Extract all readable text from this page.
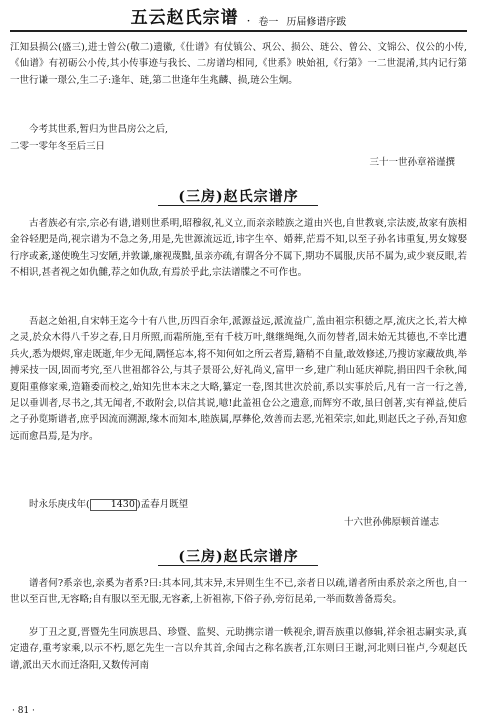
五云赵氏宗谱 · 卷一 历届修谱序跋

江知县损公(盛三),进士曾公(敬二)遗徽,《仕谱》有仗镇公、巩公、损公、琏公、曾公、文锦公、仪公的小传,《仙谱》有初砺公小传,其小传事迹与我长、二房谱均相同,《世系》映始祖,《行第》一二世混淆,其内记行第一世行谦一璟公,生二子:逢年、琏,第二世逢年生兆麟、损,琏公生炯。

今考其世系,暂归为世昌房公之后,

二零一零年冬至后三日

三十一世孙章裕谨撰

(三房)赵氏宗谱序

古者族必有宗,宗必有谱,谱则世系明,昭穆叙,礼义立,而亲亲睦族之道由兴也,自世教衰,宗法废,故家有族相金谷轻肥是尚,视宗谱为不急之务,用是,先世源流远近,讳字生卒、婚葬,茫焉不知,以至子孙名讳重复,男女嫁娶行序或紊,遂使晚生习安陋,并敦谦,廉视蔑黜,虽亲亦疏,有谓各分不属下,期功不属服,庆吊不属为,或少衰反眼,若不相识,甚者视之如仇雠,荐之如仇敌,有焉於乎此,宗法谱牒之不可作也。

吾赵之始祖,自宋韩王迄今十有八世,历四百余年,派源益远,派流益广,盖由祖宗积德之厚,流庆之长,若大樟之灵,於众木得八千岁之春,日月所照,而霜所施,至有千枝万叶,继继绳绳,久而勿替者,固未始无其德也,不幸比遭兵火,悉为煨烬,窜走既逝,年少无闻,隅怪忘本,将不知何如之所云者焉,籍稍不自量,敢效修述,乃搜访家藏故典,举搏采技一因,固而考究,至八世祖都谷公,与其子景哥公,好礼尚义,富甲一乡,建广利山延庆禅院,捐田四千余秋,闻夏阳重修家乘,造籍委而校之,始知先世本末之大略,纂定一卷,图其世次於前,系以实事於后,凡有一言一行之善,足以垂训者,尽书之,其无闻者,不敢附会,以信其说,噫!此盖祖仓公之遗意,而辉穷不敢,虽曰创著,实有禅益,使后之子孙览斯谱者,庶乎因流而溯源,缘木而知本,睦族属,厚彝伦,效善而去恶,光祖荣宗,如此,则赵氏之子孙,吾知愈远而愈昌焉,是为序。

时永乐庚戌年( 1430 )孟春月既望

十六世孙佛原顿首谨志

(三房)赵氏宗谱序

谱者何?系亲也,亲奚为者系?曰:其本同,其末异,末异则生生不已,亲者日以疏,谱者所由系於亲之所也,自一世以至百世,无容略;自有服以至无服,无容紊,上祈祖祢,下俗子孙,旁衍昆弟,一举而数善备焉矣。

岁丁丑之夏,晋暨先生同族思昌、珍暨、监契、元助携宗谱一帙视余,谓吾族重以修辑,祥余祖志嗣实录,真定遗存,重考家乘,以示不朽,愿乞先生一言以弁其首,余闻古之称名族者,江东则曰王谢,河北则曰崔卢,今观赵氏谱,派出天水而迁洛阳,又数传河南

· 81 ·
